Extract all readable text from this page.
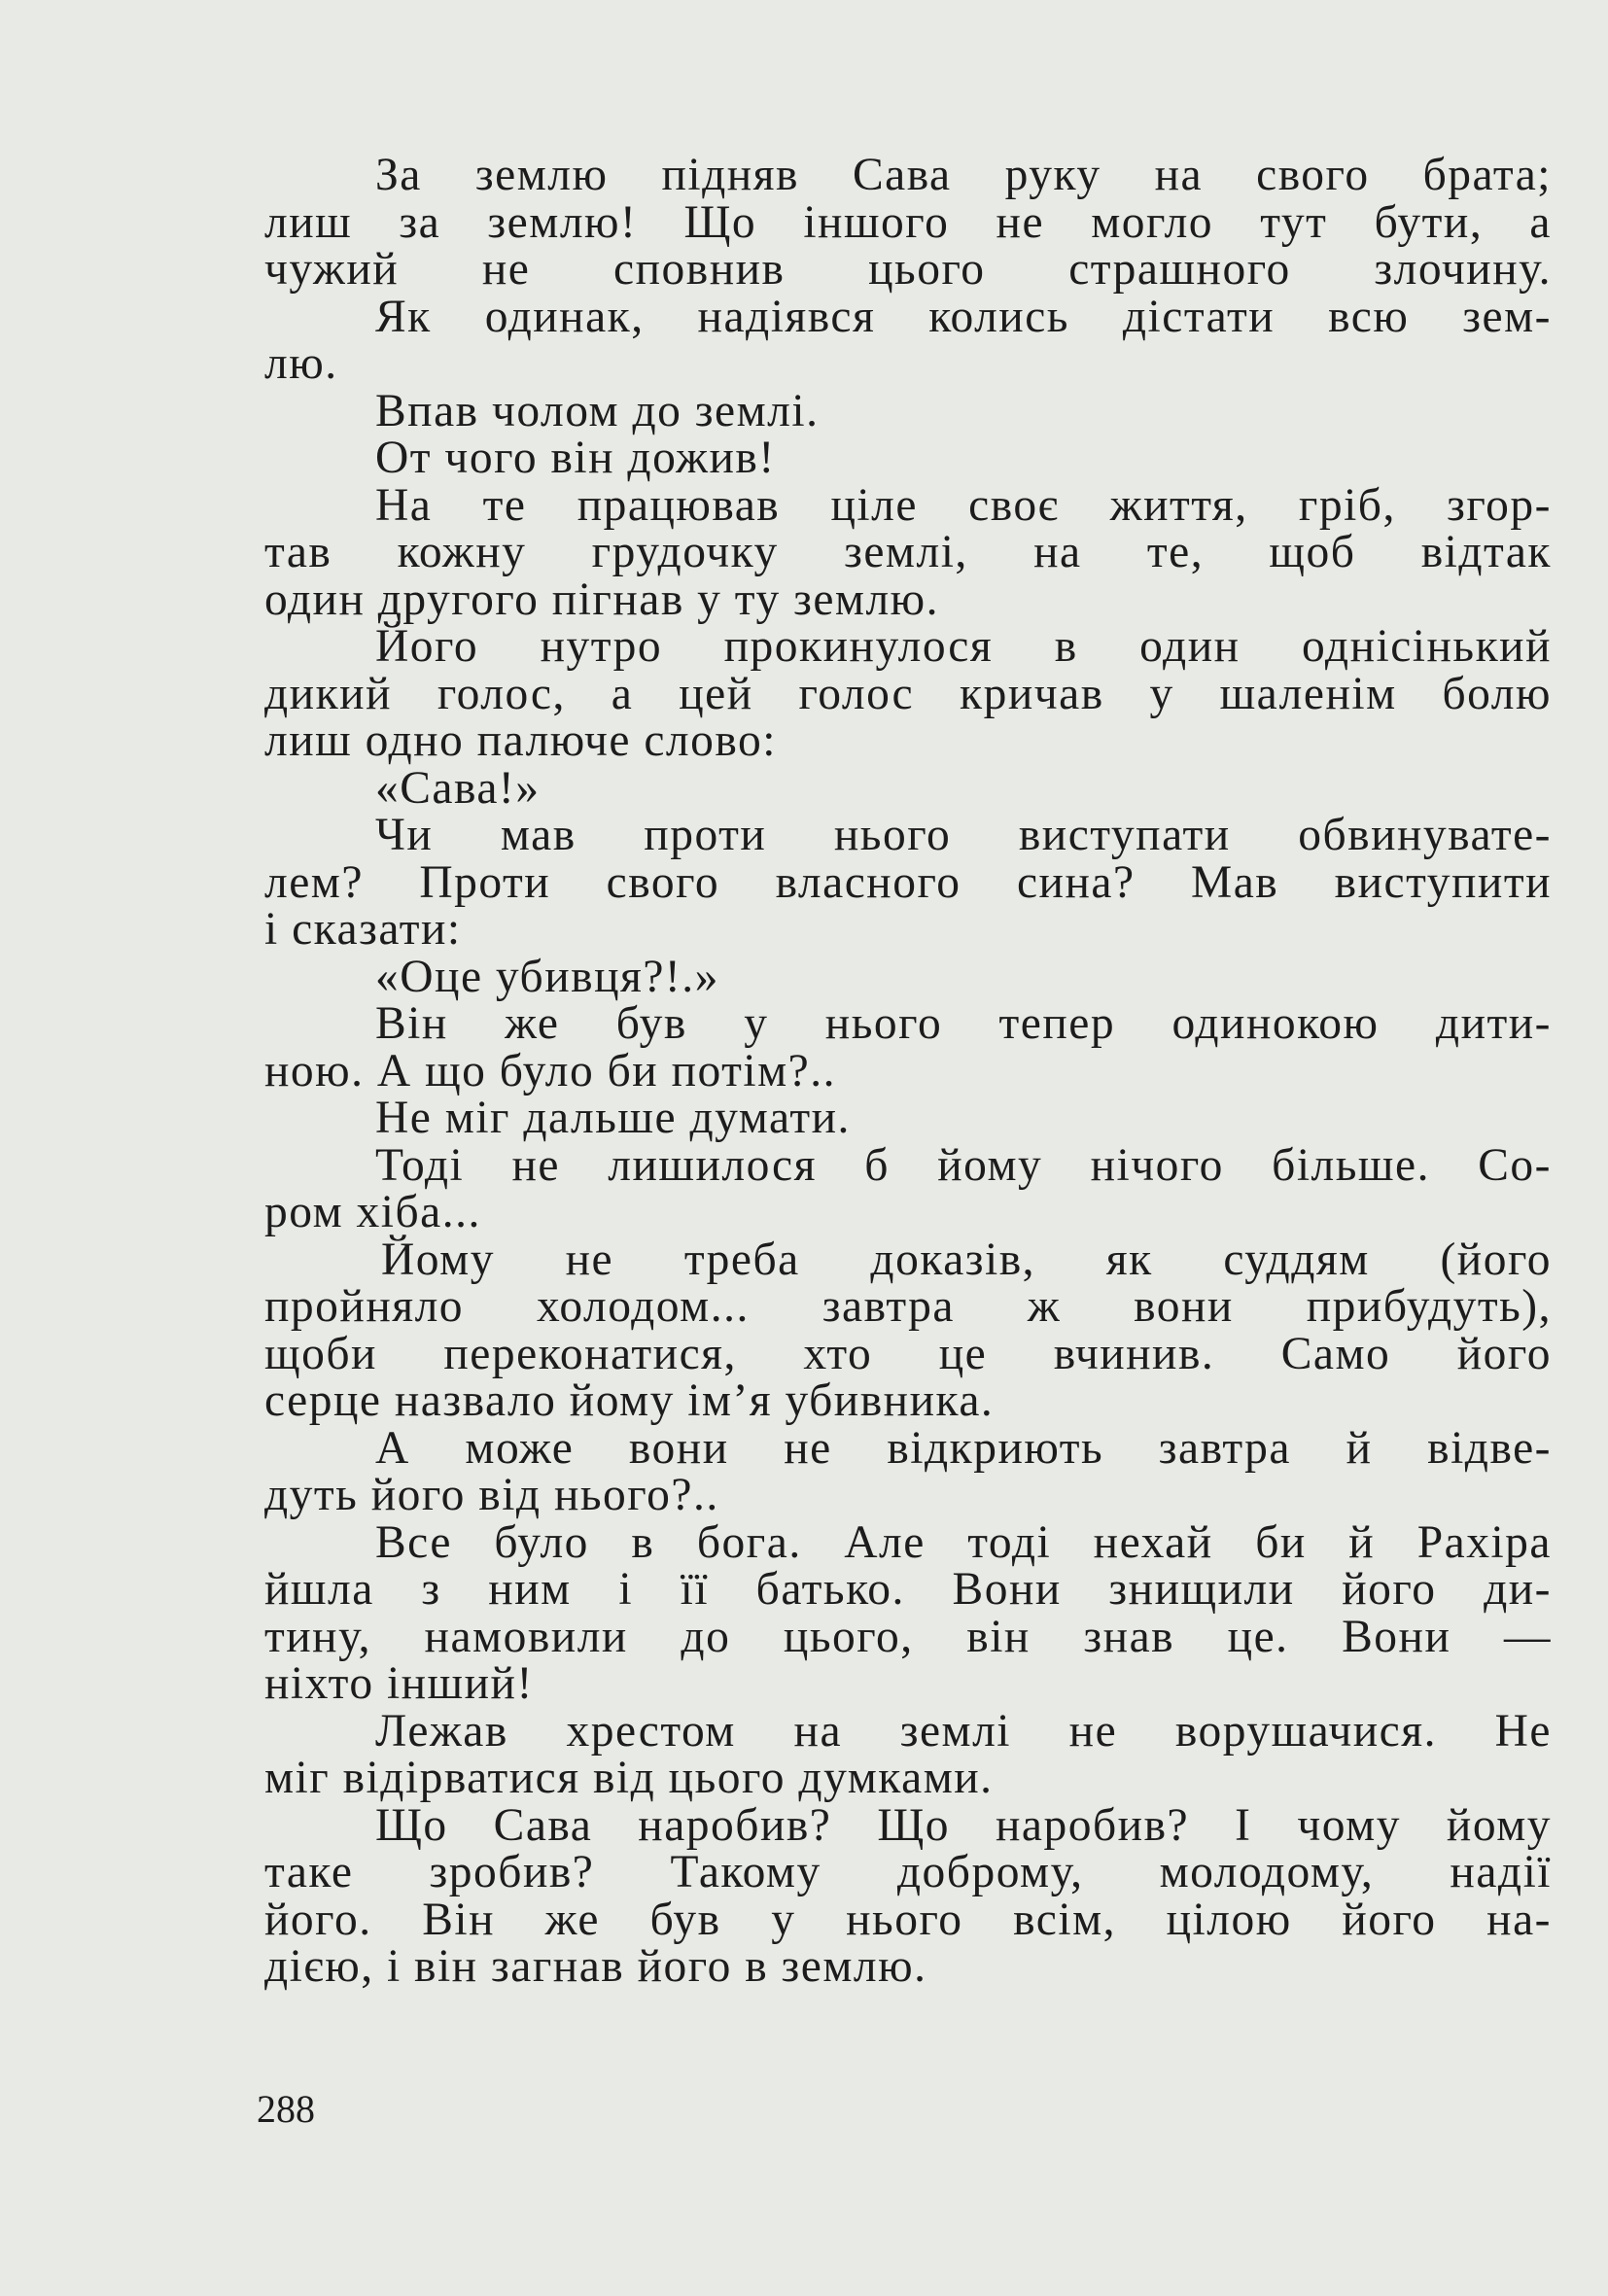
За землю підняв Сава руку на свого брата;
лиш за землю! Що іншого не могло тут бути, а
чужий не сповнив цього страшного злочину.
Як одинак, надіявся колись дістати всю зем-
лю.
Впав чолом до землі.
От чого він дожив!
На те працював ціле своє життя, гріб, згор-
тав кожну грудочку землі, на те, щоб відтак
один другого пігнав у ту землю.
Його нутро прокинулося в один однісінький
дикий голос, а цей голос кричав у шаленім болю
лиш одно палюче слово:
«Сава!»
Чи мав проти нього виступати обвинувате-
лем? Проти свого власного сина? Мав виступити
і сказати:
«Оце убивця?!.»
Він же був у нього тепер одинокою дити-
ною. А що було би потім?..
Не міг дальше думати.
Тоді не лишилося б йому нічого більше. Со-
ром хіба...
Йому не треба доказів, як суддям (його
пройняло холодом... завтра ж вони прибудуть),
щоби переконатися, хто це вчинив. Само його
серце назвало йому ім’я убивника.
А може вони не відкриють завтра й відве-
дуть його від нього?..
Все було в бога. Але тоді нехай би й Рахіра
йшла з ним і її батько. Вони знищили його ди-
тину, намовили до цього, він знав це. Вони —
ніхто інший!
Лежав хрестом на землі не ворушачися. Не
міг відірватися від цього думками.
Що Сава наробив? Що наробив? І чому йому
таке зробив? Такому доброму, молодому, надії
його. Він же був у нього всім, цілою його на-
дією, і він загнав його в землю.
288
